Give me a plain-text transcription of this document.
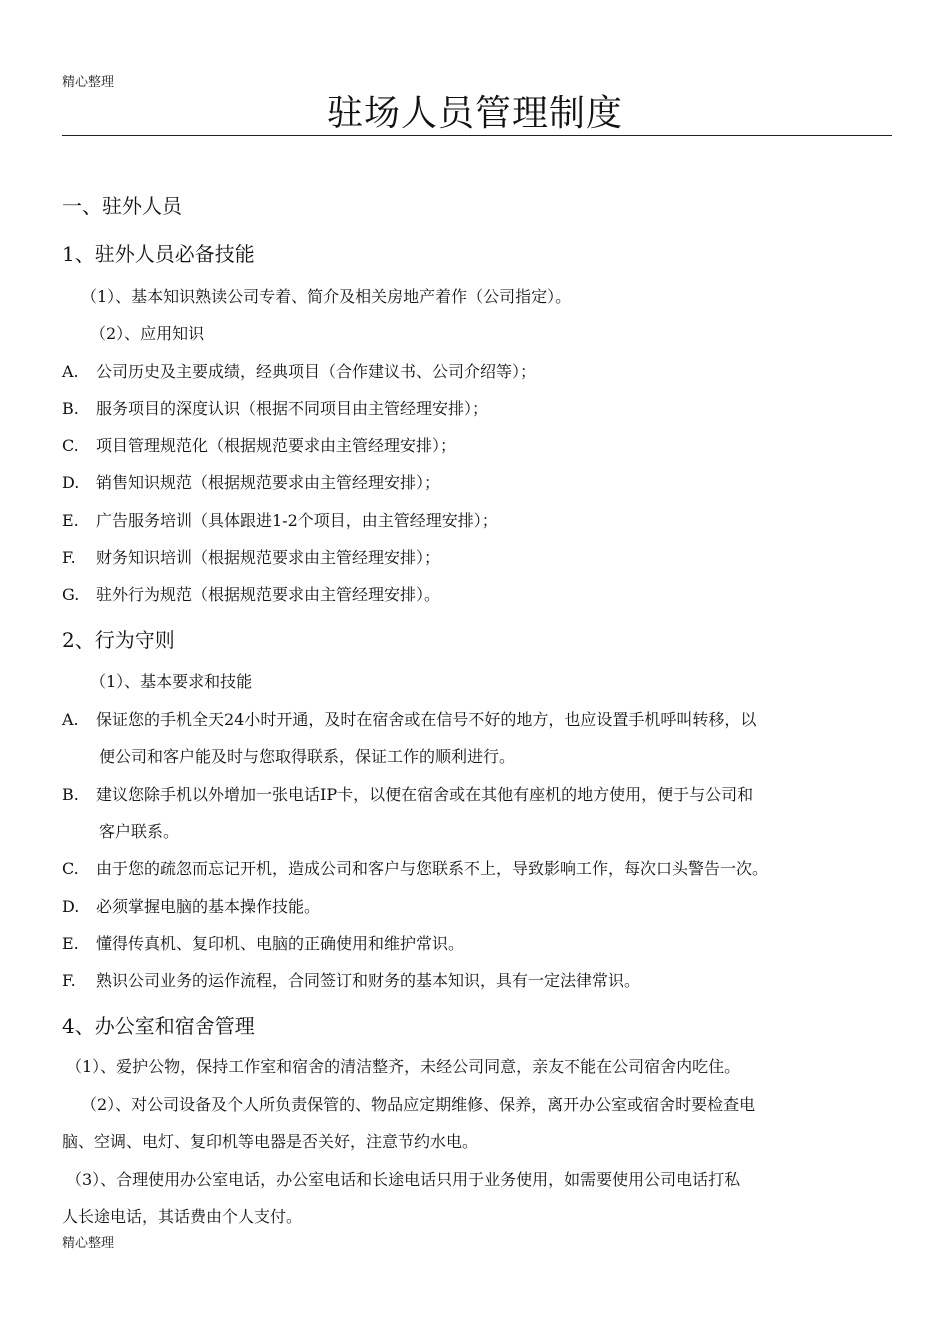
精心整理
驻场人员管理制度
一、驻外人员
1、驻外人员必备技能
（1）、基本知识熟读公司专着、简介及相关房地产着作（公司指定）。
（2）、应用知识
A. 公司历史及主要成绩，经典项目（合作建议书、公司介绍等）；
B. 服务项目的深度认识（根据不同项目由主管经理安排）；
C. 项目管理规范化（根据规范要求由主管经理安排）；
D. 销售知识规范（根据规范要求由主管经理安排）；
E. 广告服务培训（具体跟进1-2个项目，由主管经理安排）；
F. 财务知识培训（根据规范要求由主管经理安排）；
G. 驻外行为规范（根据规范要求由主管经理安排）。
2、行为守则
（1）、基本要求和技能
A. 保证您的手机全天24小时开通，及时在宿舍或在信号不好的地方，也应设置手机呼叫转移，以
便公司和客户能及时与您取得联系，保证工作的顺利进行。
B. 建议您除手机以外增加一张电话IP卡，以便在宿舍或在其他有座机的地方使用，便于与公司和
客户联系。
C. 由于您的疏忽而忘记开机，造成公司和客户与您联系不上，导致影响工作，每次口头警告一次。
D. 必须掌握电脑的基本操作技能。
E. 懂得传真机、复印机、电脑的正确使用和维护常识。
F. 熟识公司业务的运作流程，合同签订和财务的基本知识，具有一定法律常识。
4、办公室和宿舍管理
（1）、爱护公物，保持工作室和宿舍的清洁整齐，未经公司同意，亲友不能在公司宿舍内吃住。
（2）、对公司设备及个人所负责保管的、物品应定期维修、保养，离开办公室或宿舍时要检查电
脑、空调、电灯、复印机等电器是否关好，注意节约水电。
（3）、合理使用办公室电话，办公室电话和长途电话只用于业务使用，如需要使用公司电话打私
人长途电话，其话费由个人支付。
精心整理
